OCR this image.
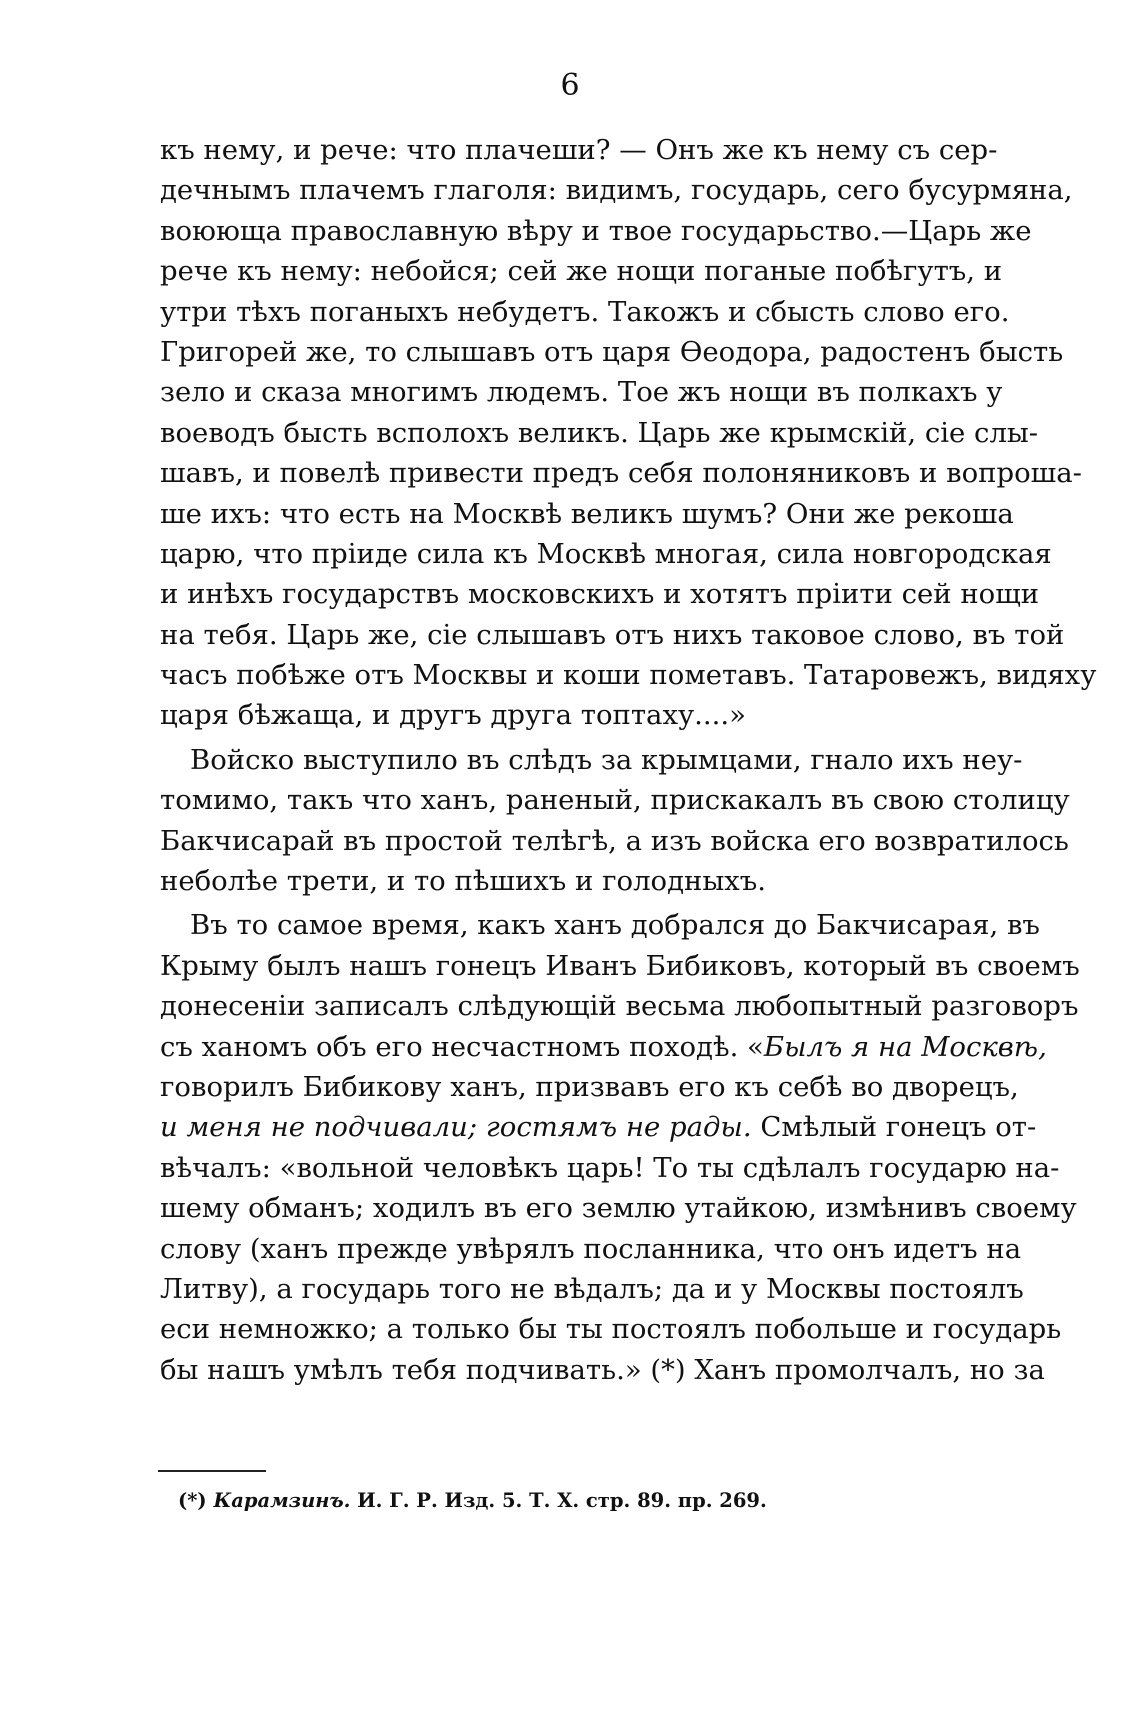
6
къ нему, и рече: что плачеши? — Онъ же къ нему съ сер-
дечнымъ плачемъ глаголя: видимъ, государь, сего бусурмяна,
воюющa православную вѣру и твое государьство.—Царь же
рече къ нему: небойся; сей же нощи поганые побѣгутъ, и
утри тѣхъ поганыхъ небудетъ. Такожъ и сбысть слово его.
Григорей же, то слышавъ отъ царя Ѳеодора, радостенъ бысть
зело и сказа многимъ людемъ. Тое жъ нощи въ полкахъ у
воеводъ бысть всполохъ великъ. Царь же крымскій, сіе слы-
шавъ, и повелѣ привести предъ себя полоняниковъ и вопроша-
ше ихъ: что есть на Москвѣ великъ шумъ? Они же рекоша
царю, что пріиде сила къ Москвѣ многая, сила новгородская
и инѣхъ государствъ московскихъ и хотятъ пріити сей нощи
на тебя. Царь же, сіе слышавъ отъ нихъ таковое слово, въ той
часъ побѣже отъ Москвы и коши пометавъ. Татаровежъ, видяху
царя бѣжаща, и другъ друга топтаху....»
Войско выступило въ слѣдъ за крымцами, гнало ихъ неу-
томимо, такъ что ханъ, раненый, прискакалъ въ свою столицу
Бакчисарай въ простой телѣгѣ, а изъ войска его возвратилось
неболѣе трети, и то пѣшихъ и голодныхъ.
Въ то самое время, какъ ханъ добрался до Бакчисарая, въ
Крыму былъ нашъ гонецъ Иванъ Бибиковъ, который въ своемъ
донесеніи записалъ слѣдующій весьма любопытный разговоръ
съ ханомъ объ его несчастномъ походѣ. «Былъ я на Москвѣ,
говорилъ Бибикову ханъ, призвавъ его къ себѣ во дворецъ,
и меня не подчивали; гостямъ не рады. Смѣлый гонецъ от-
вѣчалъ: «вольной человѣкъ царь! То ты сдѣлалъ государю на-
шему обманъ; ходилъ въ его землю утайкою, измѣнивъ своему
слову (ханъ прежде увѣрялъ посланника, что онъ идетъ на
Литву), а государь того не вѣдалъ; да и у Москвы постоялъ
еси немножко; а только бы ты постоялъ побольше и государь
бы нашъ умѣлъ тебя подчивать.» (*) Ханъ промолчалъ, но за
(*) Карамзинъ. И. Г. Р. Изд. 5. Т. X. стр. 89. пр. 269.
